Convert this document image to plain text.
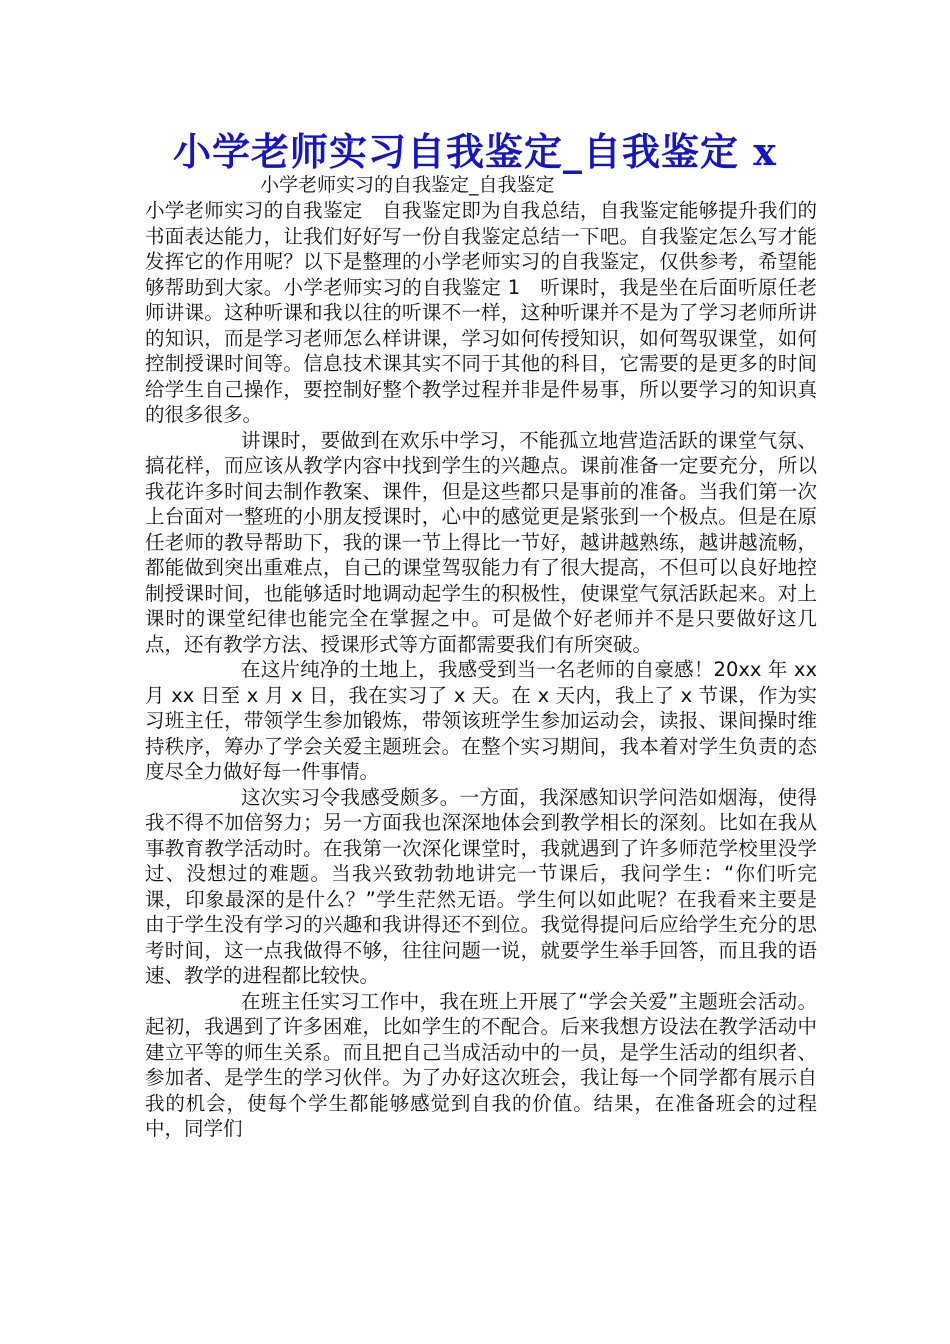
小学老师实习自我鉴定_自我鉴定 x
小学老师实习的自我鉴定_自我鉴定

小学老师实习的自我鉴定　自我鉴定即为自我总结，自我鉴定能够提升我们的书面表达能力，让我们好好写一份自我鉴定总结一下吧。自我鉴定怎么写才能发挥它的作用呢？以下是整理的小学老师实习的自我鉴定，仅供参考，希望能够帮助到大家。小学老师实习的自我鉴定 1　听课时，我是坐在后面听原任老师讲课。这种听课和我以往的听课不一样，这种听课并不是为了学习老师所讲的知识，而是学习老师怎么样讲课，学习如何传授知识，如何驾驭课堂，如何控制授课时间等。信息技术课其实不同于其他的科目，它需要的是更多的时间给学生自己操作，要控制好整个教学过程并非是件易事，所以要学习的知识真的很多很多。

讲课时，要做到在欢乐中学习，不能孤立地营造活跃的课堂气氛、搞花样，而应该从教学内容中找到学生的兴趣点。课前准备一定要充分，所以我花许多时间去制作教案、课件，但是这些都只是事前的准备。当我们第一次上台面对一整班的小朋友授课时，心中的感觉更是紧张到一个极点。但是在原任老师的教导帮助下，我的课一节上得比一节好，越讲越熟练，越讲越流畅，都能做到突出重难点，自己的课堂驾驭能力有了很大提高，不但可以良好地控制授课时间，也能够适时地调动起学生的积极性，使课堂气氛活跃起来。对上课时的课堂纪律也能完全在掌握之中。可是做个好老师并不是只要做好这几点，还有教学方法、授课形式等方面都需要我们有所突破。

在这片纯净的土地上，我感受到当一名老师的自豪感！20xx 年 xx 月 xx 日至 x 月 x 日，我在实习了 x 天。在 x 天内，我上了 x 节课，作为实习班主任，带领学生参加锻炼，带领该班学生参加运动会，读报、课间操时维持秩序，筹办了学会关爱主题班会。在整个实习期间，我本着对学生负责的态度尽全力做好每一件事情。

这次实习令我感受颇多。一方面，我深感知识学问浩如烟海，使得我不得不加倍努力；另一方面我也深深地体会到教学相长的深刻。比如在我从事教育教学活动时。在我第一次深化课堂时，我就遇到了许多师范学校里没学过、没想过的难题。当我兴致勃勃地讲完一节课后，我问学生：“你们听完课，印象最深的是什么？”学生茫然无语。学生何以如此呢？在我看来主要是由于学生没有学习的兴趣和我讲得还不到位。我觉得提问后应给学生充分的思考时间，这一点我做得不够，往往问题一说，就要学生举手回答，而且我的语速、教学的进程都比较快。

在班主任实习工作中，我在班上开展了“学会关爱”主题班会活动。起初，我遇到了许多困难，比如学生的不配合。后来我想方设法在教学活动中建立平等的师生关系。而且把自己当成活动中的一员，是学生活动的组织者、参加者、是学生的学习伙伴。为了办好这次班会，我让每一个同学都有展示自我的机会，使每个学生都能够感觉到自我的价值。结果，在准备班会的过程中，同学们
